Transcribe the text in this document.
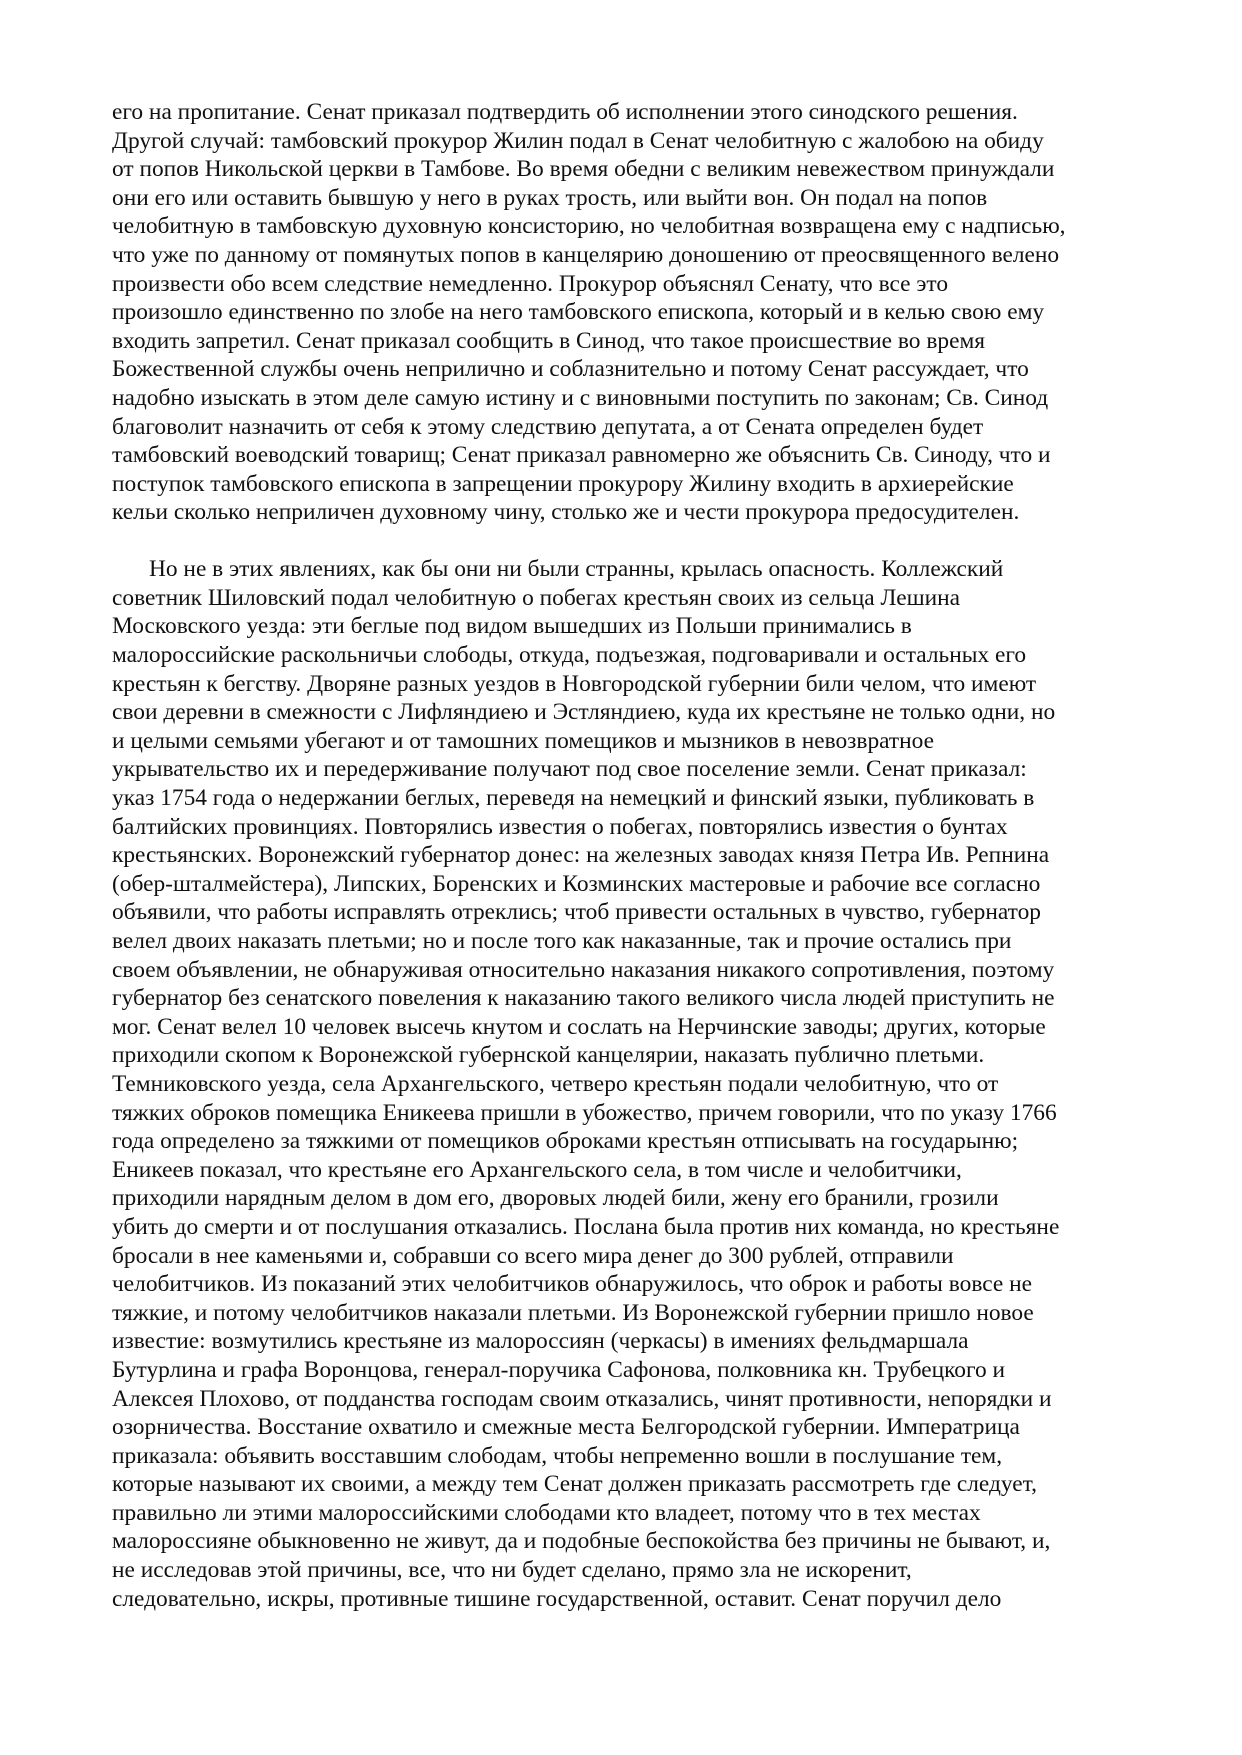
его на пропитание. Сенат приказал подтвердить об исполнении этого синодского решения.
Другой случай: тамбовский прокурор Жилин подал в Сенат челобитную с жалобою на обиду
от попов Никольской церкви в Тамбове. Во время обедни с великим невежеством принуждали
они его или оставить бывшую у него в руках трость, или выйти вон. Он подал на попов
челобитную в тамбовскую духовную консисторию, но челобитная возвращена ему с надписью,
что уже по данному от помянутых попов в канцелярию доношению от преосвященного велено
произвести обо всем следствие немедленно. Прокурор объяснял Сенату, что все это
произошло единственно по злобе на него тамбовского епископа, который и в келью свою ему
входить запретил. Сенат приказал сообщить в Синод, что такое происшествие во время
Божественной службы очень неприлично и соблазнительно и потому Сенат рассуждает, что
надобно изыскать в этом деле самую истину и с виновными поступить по законам; Св. Синод
благоволит назначить от себя к этому следствию депутата, а от Сената определен будет
тамбовский воеводский товарищ; Сенат приказал равномерно же объяснить Св. Синоду, что и
поступок тамбовского епископа в запрещении прокурору Жилину входить в архиерейские
кельи сколько неприличен духовному чину, столько же и чести прокурора предосудителен.
Но не в этих явлениях, как бы они ни были странны, крылась опасность. Коллежский
советник Шиловский подал челобитную о побегах крестьян своих из сельца Лешина
Московского уезда: эти беглые под видом вышедших из Польши принимались в
малороссийские раскольничьи слободы, откуда, подъезжая, подговаривали и остальных его
крестьян к бегству. Дворяне разных уездов в Новгородской губернии били челом, что имеют
свои деревни в смежности с Лифляндиею и Эстляндиею, куда их крестьяне не только одни, но
и целыми семьями убегают и от тамошних помещиков и мызников в невозвратное
укрывательство их и передерживание получают под свое поселение земли. Сенат приказал:
указ 1754 года о недержании беглых, переведя на немецкий и финский языки, публиковать в
балтийских провинциях. Повторялись известия о побегах, повторялись известия о бунтах
крестьянских. Воронежский губернатор донес: на железных заводах князя Петра Ив. Репнина
(обер-шталмейстера), Липских, Боренских и Козминских мастеровые и рабочие все согласно
объявили, что работы исправлять отреклись; чтоб привести остальных в чувство, губернатор
велел двоих наказать плетьми; но и после того как наказанные, так и прочие остались при
своем объявлении, не обнаруживая относительно наказания никакого сопротивления, поэтому
губернатор без сенатского повеления к наказанию такого великого числа людей приступить не
мог. Сенат велел 10 человек высечь кнутом и сослать на Нерчинские заводы; других, которые
приходили скопом к Воронежской губернской канцелярии, наказать публично плетьми.
Темниковского уезда, села Архангельского, четверо крестьян подали челобитную, что от
тяжких оброков помещика Еникеева пришли в убожество, причем говорили, что по указу 1766
года определено за тяжкими от помещиков оброками крестьян отписывать на государыню;
Еникеев показал, что крестьяне его Архангельского села, в том числе и челобитчики,
приходили нарядным делом в дом его, дворовых людей били, жену его бранили, грозили
убить до смерти и от послушания отказались. Послана была против них команда, но крестьяне
бросали в нее каменьями и, собравши со всего мира денег до 300 рублей, отправили
челобитчиков. Из показаний этих челобитчиков обнаружилось, что оброк и работы вовсе не
тяжкие, и потому челобитчиков наказали плетьми. Из Воронежской губернии пришло новое
известие: возмутились крестьяне из малороссиян (черкасы) в имениях фельдмаршала
Бутурлина и графа Воронцова, генерал-поручика Сафонова, полковника кн. Трубецкого и
Алексея Плохово, от подданства господам своим отказались, чинят противности, непорядки и
озорничества. Восстание охватило и смежные места Белгородской губернии. Императрица
приказала: объявить восставшим слободам, чтобы непременно вошли в послушание тем,
которые называют их своими, а между тем Сенат должен приказать рассмотреть где следует,
правильно ли этими малороссийскими слободами кто владеет, потому что в тех местах
малороссияне обыкновенно не живут, да и подобные беспокойства без причины не бывают, и,
не исследовав этой причины, все, что ни будет сделано, прямо зла не искоренит,
следовательно, искры, противные тишине государственной, оставит. Сенат поручил дело
